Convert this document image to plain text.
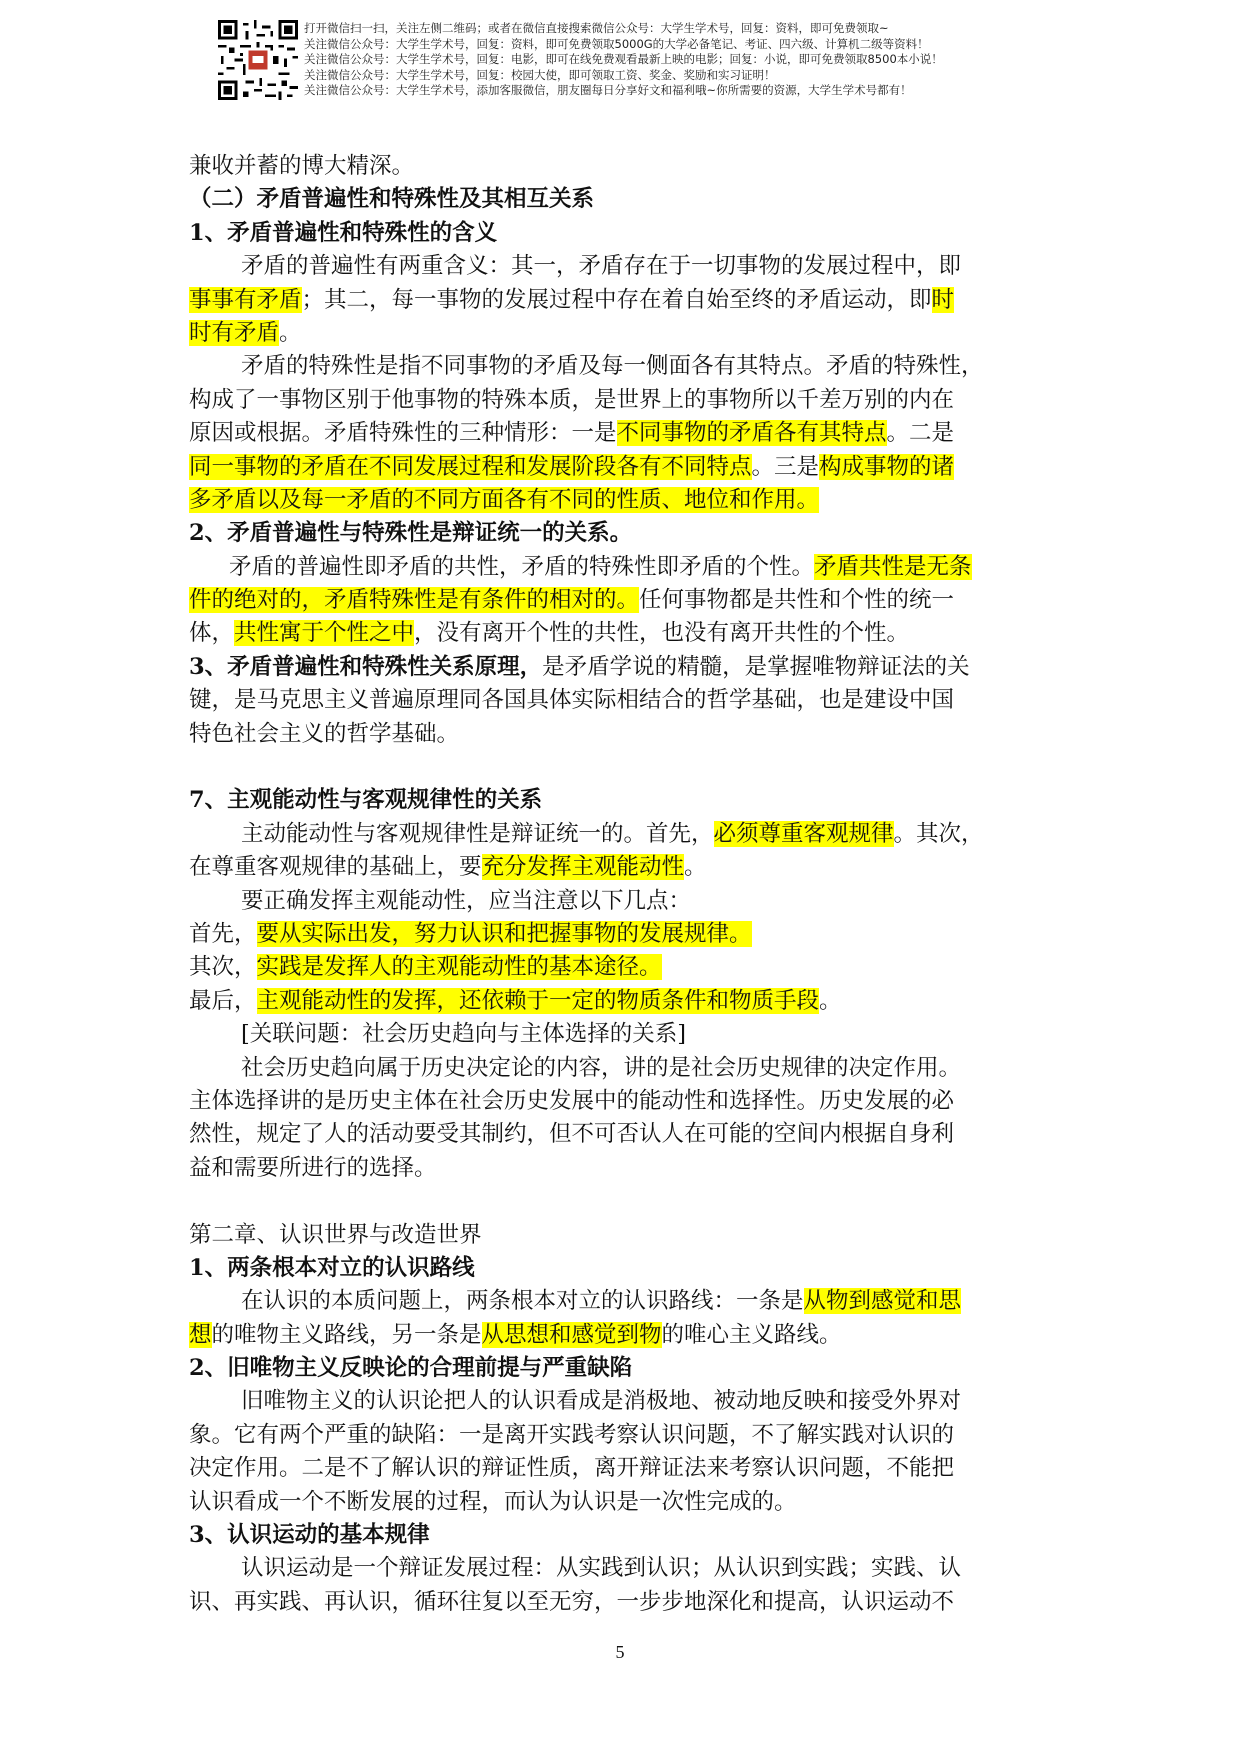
打开微信扫一扫，关注左侧二维码；或者在微信直接搜索微信公众号：大学生学术号，回复：资料，即可免费领取~
关注微信公众号：大学生学术号，回复：资料，即可免费领取5000G的大学必备笔记、考证、四六级、计算机二级等资料！
关注微信公众号：大学生学术号，回复：电影，即可在线免费观看最新上映的电影；回复：小说，即可免费领取8500本小说！
关注微信公众号：大学生学术号，回复：校园大使，即可领取工资、奖金、奖励和实习证明！
关注微信公众号：大学生学术号，添加客服微信，朋友圈每日分享好文和福利哦~你所需要的资源，大学生学术号都有！
兼收并蓄的博大精深。
（二）矛盾普遍性和特殊性及其相互关系
1、矛盾普遍性和特殊性的含义
矛盾的普遍性有两重含义：其一，矛盾存在于一切事物的发展过程中，即
事事有矛盾；其二，每一事物的发展过程中存在着自始至终的矛盾运动，即时
时有矛盾。
矛盾的特殊性是指不同事物的矛盾及每一侧面各有其特点。矛盾的特殊性，
构成了一事物区别于他事物的特殊本质，是世界上的事物所以千差万别的内在
原因或根据。矛盾特殊性的三种情形：一是不同事物的矛盾各有其特点。二是
同一事物的矛盾在不同发展过程和发展阶段各有不同特点。三是构成事物的诸
多矛盾以及每一矛盾的不同方面各有不同的性质、地位和作用。
2、矛盾普遍性与特殊性是辩证统一的关系。
矛盾的普遍性即矛盾的共性，矛盾的特殊性即矛盾的个性。矛盾共性是无条
件的绝对的，矛盾特殊性是有条件的相对的。任何事物都是共性和个性的统一
体，共性寓于个性之中，没有离开个性的共性，也没有离开共性的个性。
3、矛盾普遍性和特殊性关系原理，是矛盾学说的精髓，是掌握唯物辩证法的关
键，是马克思主义普遍原理同各国具体实际相结合的哲学基础，也是建设中国
特色社会主义的哲学基础。
7、主观能动性与客观规律性的关系
主动能动性与客观规律性是辩证统一的。首先，必须尊重客观规律。其次，
在尊重客观规律的基础上，要充分发挥主观能动性。
要正确发挥主观能动性，应当注意以下几点：
首先，要从实际出发，努力认识和把握事物的发展规律。
其次，实践是发挥人的主观能动性的基本途径。
最后，主观能动性的发挥，还依赖于一定的物质条件和物质手段。
[关联问题：社会历史趋向与主体选择的关系]
社会历史趋向属于历史决定论的内容，讲的是社会历史规律的决定作用。
主体选择讲的是历史主体在社会历史发展中的能动性和选择性。历史发展的必
然性，规定了人的活动要受其制约，但不可否认人在可能的空间内根据自身利
益和需要所进行的选择。
第二章、认识世界与改造世界
1、两条根本对立的认识路线
在认识的本质问题上，两条根本对立的认识路线：一条是从物到感觉和思
想的唯物主义路线，另一条是从思想和感觉到物的唯心主义路线。
2、旧唯物主义反映论的合理前提与严重缺陷
旧唯物主义的认识论把人的认识看成是消极地、被动地反映和接受外界对
象。它有两个严重的缺陷：一是离开实践考察认识问题，不了解实践对认识的
决定作用。二是不了解认识的辩证性质，离开辩证法来考察认识问题，不能把
认识看成一个不断发展的过程，而认为认识是一次性完成的。
3、认识运动的基本规律
认识运动是一个辩证发展过程：从实践到认识；从认识到实践；实践、认
识、再实践、再认识，循环往复以至无穷，一步步地深化和提高，认识运动不
5
